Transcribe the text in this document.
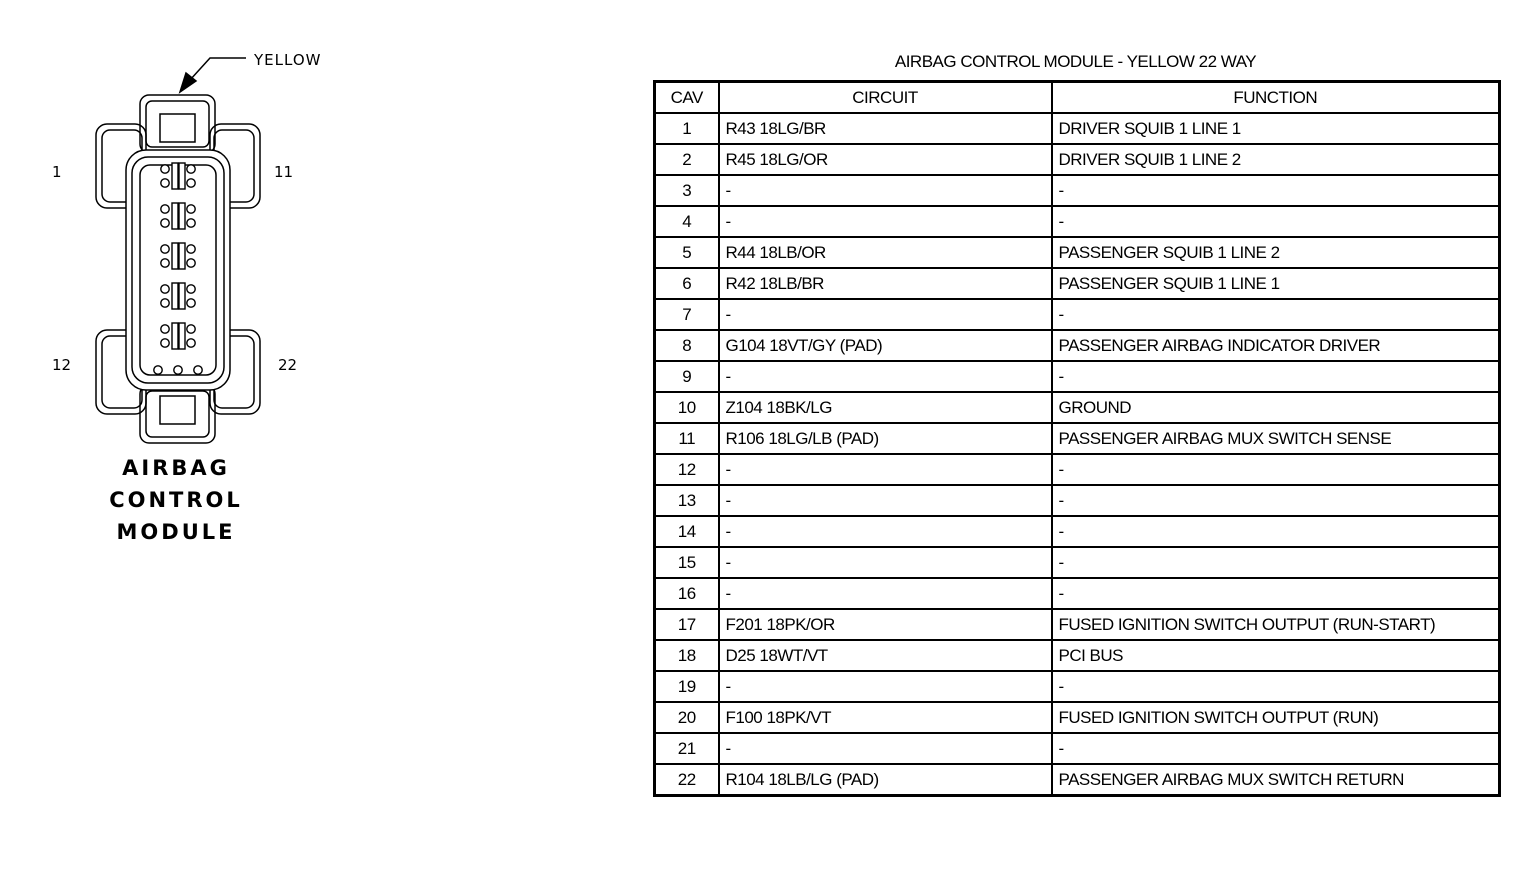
1	11
12	22
YELLOW
AIRBAG
CONTROL
MODULE
AIRBAG CONTROL MODULE - YELLOW 22 WAY
CAV	CIRCUIT	FUNCTION
1	R43 18LG/BR	DRIVER SQUIB 1 LINE 1
2	R45 18LG/OR	DRIVER SQUIB 1 LINE 2
3	-	-
4	-	-
5	R44 18LB/OR	PASSENGER SQUIB 1 LINE 2
6	R42 18LB/BR	PASSENGER SQUIB 1 LINE 1
7	-	-
8	G104 18VT/GY (PAD)	PASSENGER AIRBAG INDICATOR DRIVER
9	-	-
10	Z104 18BK/LG	GROUND
11	R106 18LG/LB (PAD)	PASSENGER AIRBAG MUX SWITCH SENSE
12	-	-
13	-	-
14	-	-
15	-	-
16	-	-
17	F201 18PK/OR	FUSED IGNITION SWITCH OUTPUT (RUN-START)
18	D25 18WT/VT	PCI BUS
19	-	-
20	F100 18PK/VT	FUSED IGNITION SWITCH OUTPUT (RUN)
21	-	-
22	R104 18LB/LG (PAD)	PASSENGER AIRBAG MUX SWITCH RETURN
